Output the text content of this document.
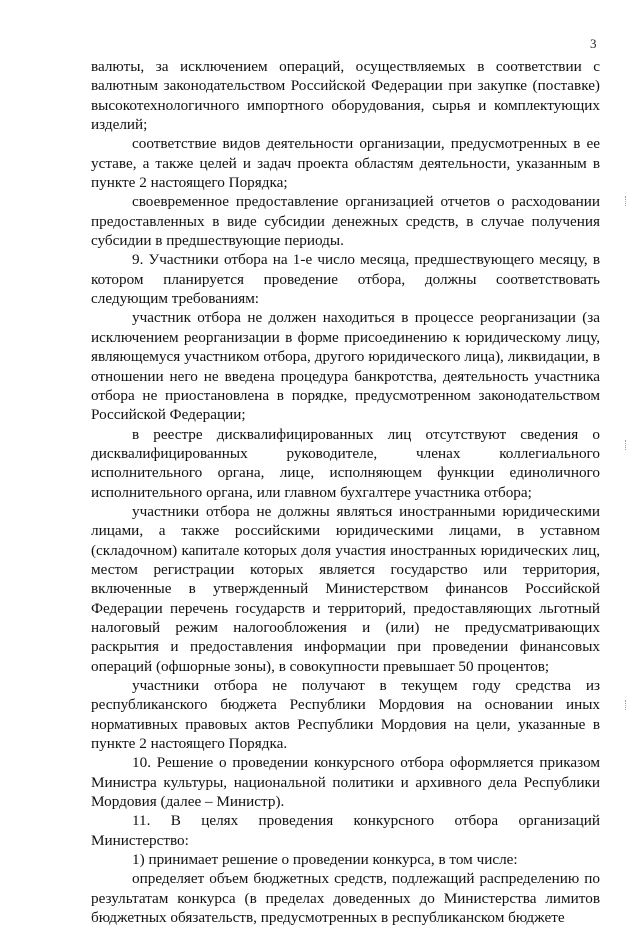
3

валюты, за исключением операций, осуществляемых в соответствии с валютным законодательством Российской Федерации при закупке (поставке) высокотехнологичного импортного оборудования, сырья и комплектующих изделий;

соответствие видов деятельности организации, предусмотренных в ее уставе, а также целей и задач проекта областям деятельности, указанным в пункте 2 настоящего Порядка;

своевременное предоставление организацией отчетов о расходовании предоставленных в виде субсидии денежных средств, в случае получения субсидии в предшествующие периоды.

9. Участники отбора на 1-е число месяца, предшествующего месяцу, в котором планируется проведение отбора, должны соответствовать следующим требованиям:

участник отбора не должен находиться в процессе реорганизации (за исключением реорганизации в форме присоединению к юридическому лицу, являющемуся участником отбора, другого юридического лица), ликвидации, в отношении него не введена процедура банкротства, деятельность участника отбора не приостановлена в порядке, предусмотренном законодательством Российской Федерации;

в реестре дисквалифицированных лиц отсутствуют сведения о дисквалифицированных руководителе, членах коллегиального исполнительного органа, лице, исполняющем функции единоличного исполнительного органа, или главном бухгалтере участника отбора;

участники отбора не должны являться иностранными юридическими лицами, а также российскими юридическими лицами, в уставном (складочном) капитале которых доля участия иностранных юридических лиц, местом регистрации которых является государство или территория, включенные в утвержденный Министерством финансов Российской Федерации перечень государств и территорий, предоставляющих льготный налоговый режим налогообложения и (или) не предусматривающих раскрытия и предоставления информации при проведении финансовых операций (офшорные зоны), в совокупности превышает 50 процентов;

участники отбора не получают в текущем году средства из республиканского бюджета Республики Мордовия на основании иных нормативных правовых актов Республики Мордовия на цели, указанные в пункте 2 настоящего Порядка.

10. Решение о проведении конкурсного отбора оформляется приказом Министра культуры, национальной политики и архивного дела Республики Мордовия (далее – Министр).

11. В целях проведения конкурсного отбора организаций Министерство:

1) принимает решение о проведении конкурса, в том числе:

определяет объем бюджетных средств, подлежащий распределению по результатам конкурса (в пределах доведенных до Министерства лимитов бюджетных обязательств, предусмотренных в республиканском бюджете
